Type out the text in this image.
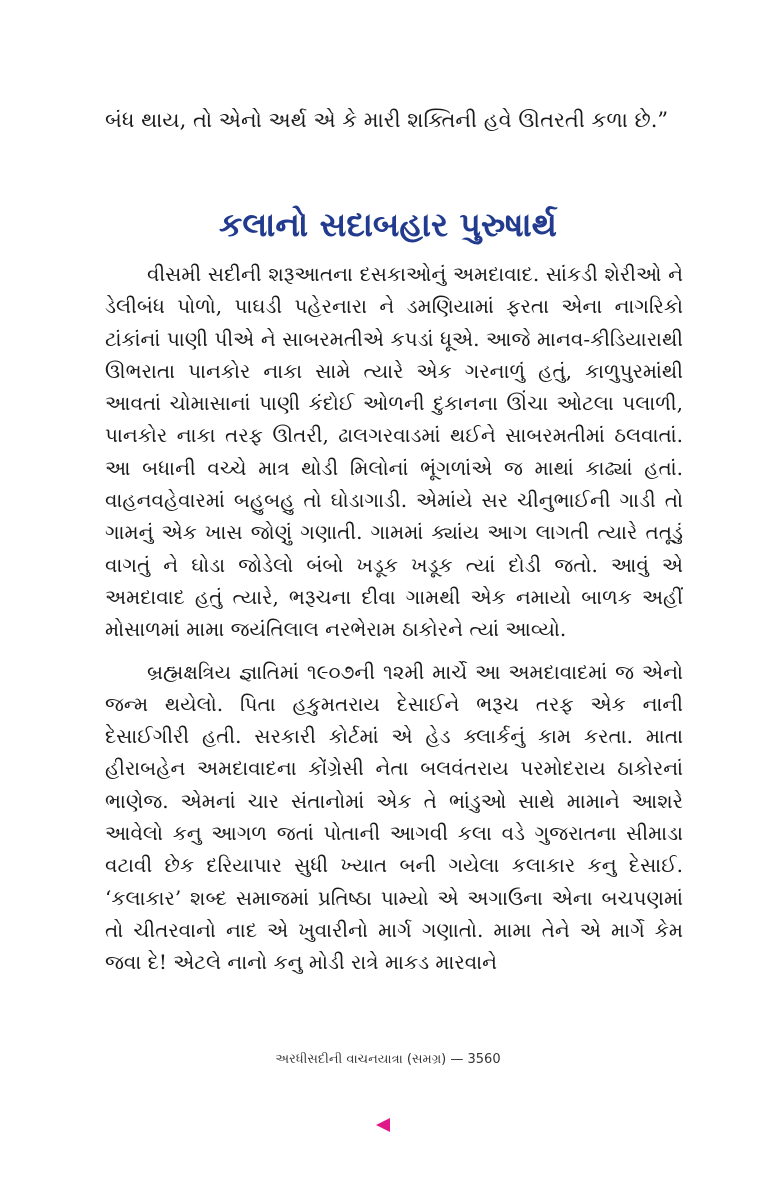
બંધ થાય, તો એનો અર્થ એ કે મારી શક્તિની હવે ઊતરતી કળા છે.”
કલાનો સદાબહાર પુરુષાર્થ

વીસમી સદીની શરૂઆતના દસકાઓનું અમદાવાદ. સાંકડી શેરીઓ ને ડેલીબંધ પોળો, પાઘડી પહેરનારા ને ડમણિયામાં ફરતા એના નાગરિકો ટાંકાંનાં પાણી પીએ ને સાબરમતીએ કપડાં ધૂએ. આજે માનવ-કીડિયારાથી ઊભરાતા પાનકોર નાકા સામે ત્યારે એક ગરનાળું હતું, કાળુપુરમાંથી આવતાં ચોમાસાનાં પાણી કંદોઈ ઓળની દુકાનના ઊંચા ઓટલા પલાળી, પાનકોર નાકા તરફ ઊતરી, ઢાલગરવાડમાં થઈને સાબરમતીમાં ઠલવાતાં. આ બધાની વચ્ચે માત્ર થોડી મિલોનાં ભૂંગળાંએ જ માથાં કાઢ્યાં હતાં. વાહનવહેવારમાં બહુબહુ તો ઘોડાગાડી. એમાંયે સર ચીનુભાઈની ગાડી તો ગામનું એક ખાસ જોણું ગણાતી. ગામમાં ક્યાંય આગ લાગતી ત્યારે તતૂડું વાગતું ને ઘોડા જોડેલો બંબો ખડૂક ખડૂક ત્યાં દોડી જતો. આવું એ અમદાવાદ હતું ત્યારે, ભરૂચના દીવા ગામથી એક નમાયો બાળક અહીં મોસાળમાં મામા જયંતિલાલ નરભેરામ ઠાકોરને ત્યાં આવ્યો.

બ્રહ્મક્ષત્રિય જ્ઞાતિમાં ૧૯૦૭ની ૧૨મી માર્ચે આ અમદાવાદમાં જ એનો જન્મ થયેલો. પિતા હકુમતરાય દેસાઈને ભરૂચ તરફ એક નાની દેસાઈગીરી હતી. સરકારી કોર્ટમાં એ હેડ ક્લાર્કનું કામ કરતા. માતા હીરાબહેન અમદાવાદના કોંગ્રેસી નેતા બલવંતરાય પરમોદરાય ઠાકોરનાં ભાણેજ. એમનાં ચાર સંતાનોમાં એક તે ભાંડુઓ સાથે મામાને આશરે આવેલો કનુ આગળ જતાં પોતાની આગવી કલા વડે ગુજરાતના સીમાડા વટાવી છેક દરિયાપાર સુધી ખ્યાત બની ગયેલા કલાકાર કનુ દેસાઈ. ‘કલાકાર’ શબ્દ સમાજમાં પ્રતિષ્ઠા પામ્યો એ અગાઉના એના બચપણમાં તો ચીતરવાનો નાદ એ ખુવારીનો માર્ગ ગણાતો. મામા તેને એ માર્ગે કેમ જવા દે! એટલે નાનો કનુ મોડી રાત્રે માકડ મારવાને

અરધીસદીની વાચનયાત્રા (સમગ્ર) — 3560
